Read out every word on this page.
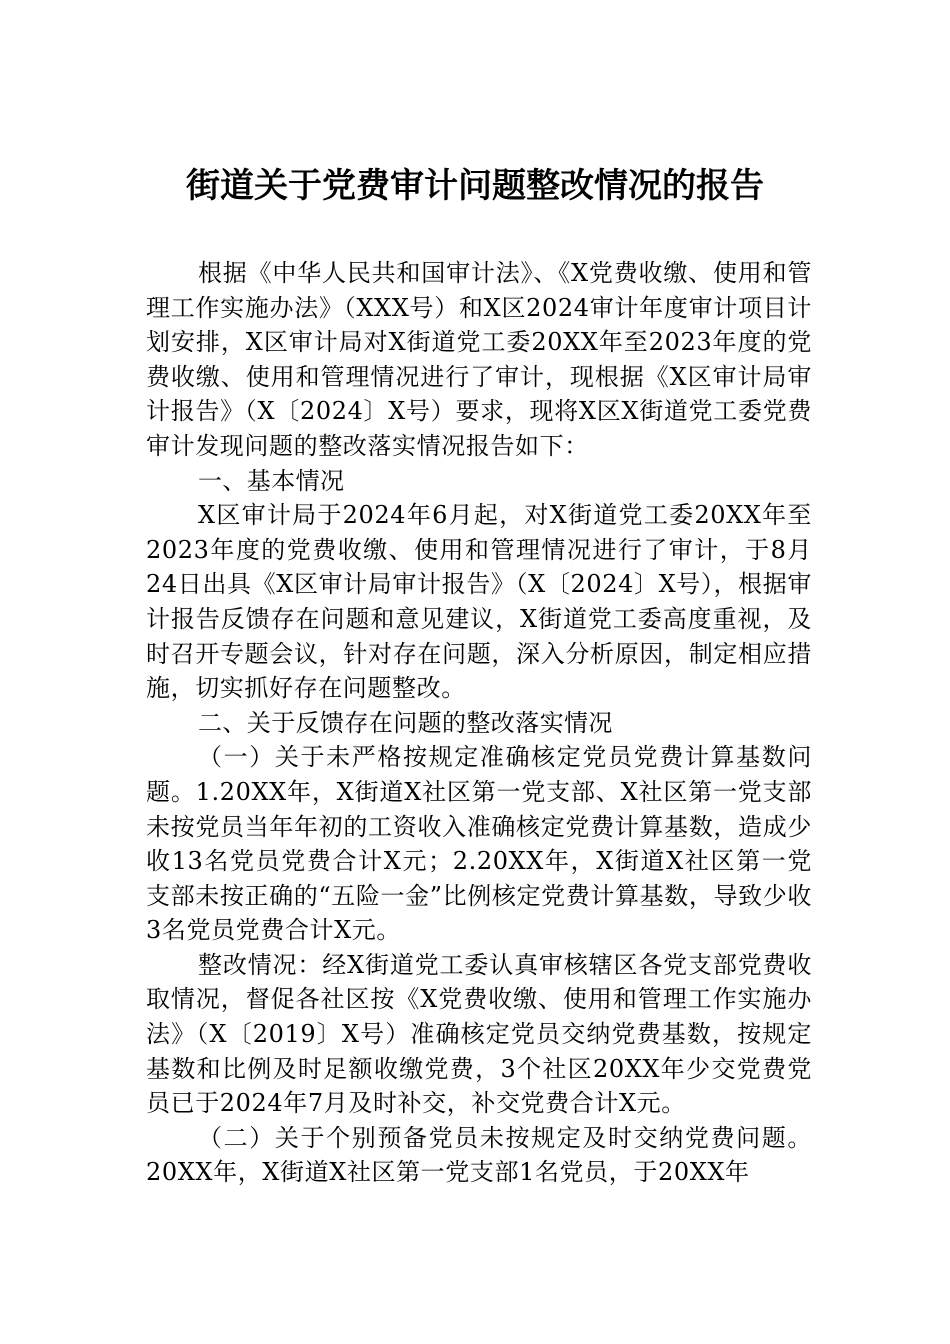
街道关于党费审计问题整改情况的报告

根据《中华人民共和国审计法》、《X党费收缴、使用和管理工作实施办法》（XXX号）和X区2024审计年度审计项目计划安排，X区审计局对X街道党工委20XX年至2023年度的党费收缴、使用和管理情况进行了审计，现根据《X区审计局审计报告》（X〔2024〕X号）要求，现将X区X街道党工委党费审计发现问题的整改落实情况报告如下：

一、基本情况

X区审计局于2024年6月起，对X街道党工委20XX年至2023年度的党费收缴、使用和管理情况进行了审计，于8月24日出具《X区审计局审计报告》（X〔2024〕X号），根据审计报告反馈存在问题和意见建议，X街道党工委高度重视，及时召开专题会议，针对存在问题，深入分析原因，制定相应措施，切实抓好存在问题整改。

二、关于反馈存在问题的整改落实情况

（一）关于未严格按规定准确核定党员党费计算基数问题。1.20XX年，X街道X社区第一党支部、X社区第一党支部未按党员当年年初的工资收入准确核定党费计算基数，造成少收13名党员党费合计X元；2.20XX年，X街道X社区第一党支部未按正确的“五险一金”比例核定党费计算基数，导致少收3名党员党费合计X元。

整改情况：经X街道党工委认真审核辖区各党支部党费收取情况，督促各社区按《X党费收缴、使用和管理工作实施办法》（X〔2019〕X号）准确核定党员交纳党费基数，按规定基数和比例及时足额收缴党费，3个社区20XX年少交党费党员已于2024年7月及时补交，补交党费合计X元。

（二）关于个别预备党员未按规定及时交纳党费问题。20XX年，X街道X社区第一党支部1名党员，于20XX年
